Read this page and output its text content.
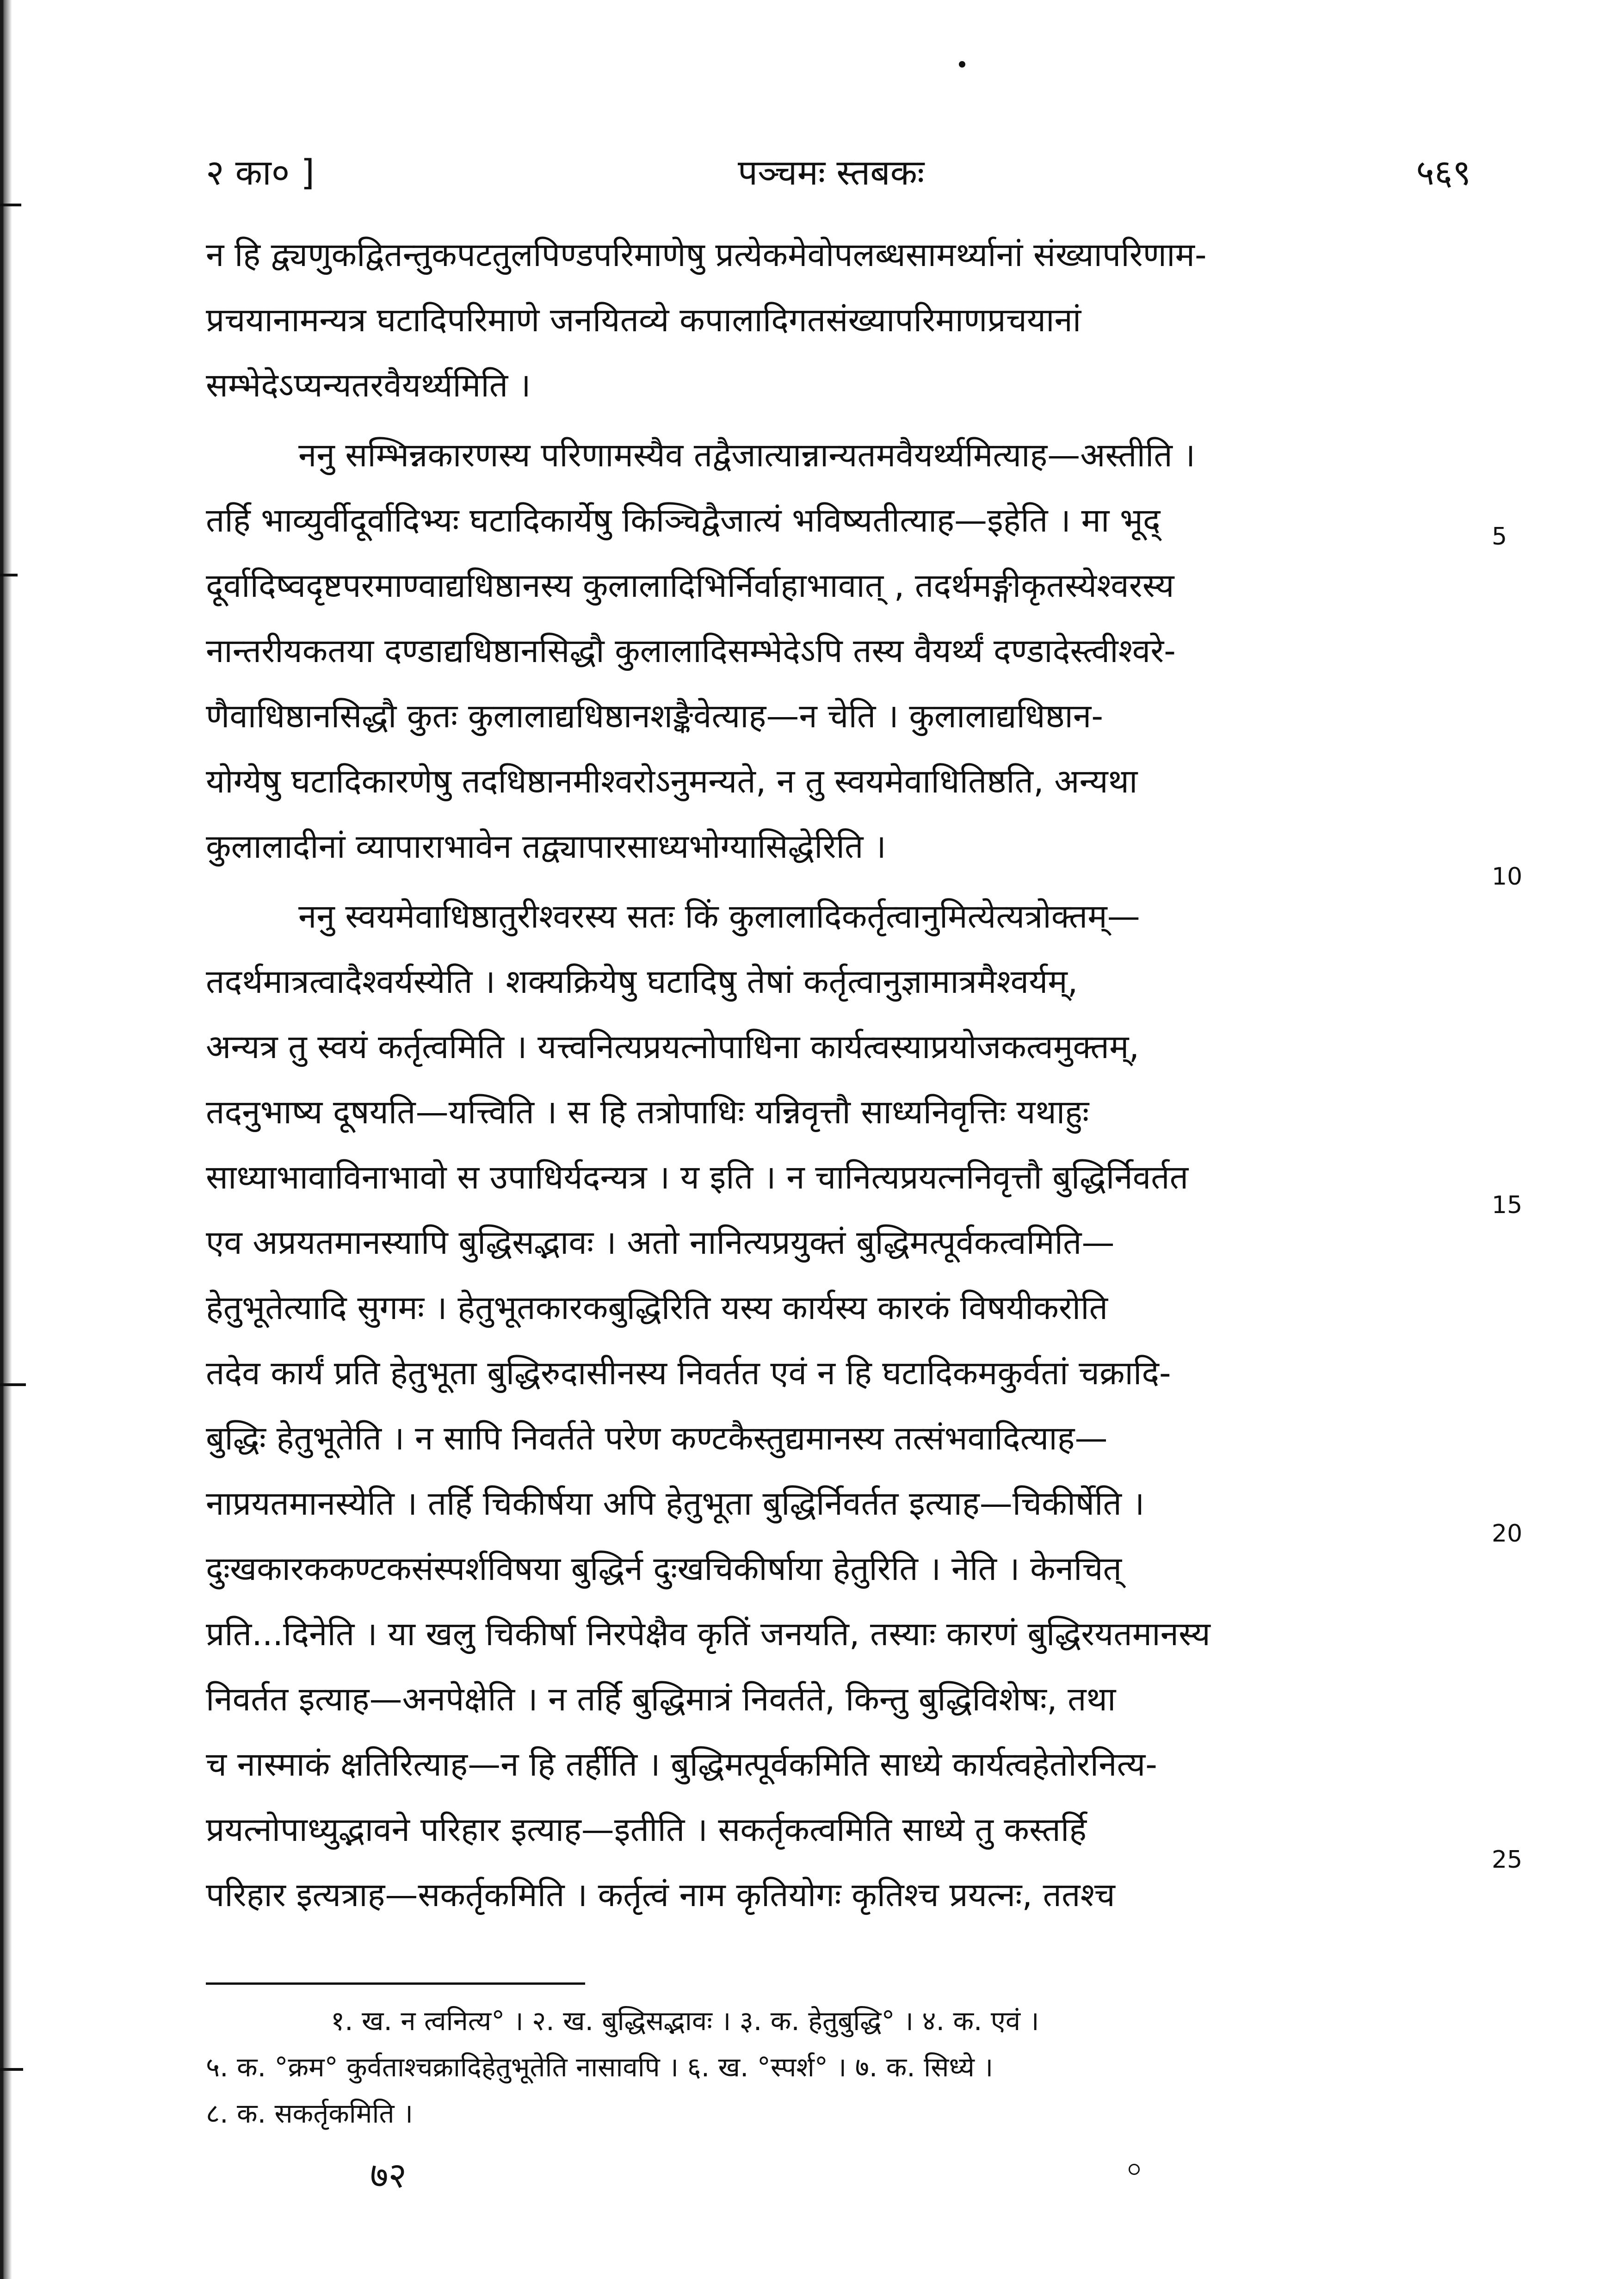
२ का० ]	पञ्चमः स्तबकः	५६९
न हि द्व्यणुकद्वितन्तुकपटतुलपिण्डपरिमाणेषु प्रत्येकमेवोपलब्धसामर्थ्यानां संख्यापरिणाम-
प्रचयानामन्यत्र घटादिपरिमाणे जनयितव्ये कपालादिगतसंख्यापरिमाणप्रचयानां
सम्भेदेऽप्यन्यतरवैयर्थ्यमिति ।
ननु सम्भिन्नकारणस्य परिणामस्यैव तद्वैजात्यान्नान्यतमवैयर्थ्यमित्याह—अस्तीति ।
तर्हि भाव्युर्वीदूर्वादिभ्यः घटादिकार्येषु किञ्चिद्वैजात्यं भविष्यतीत्याह—इहेति । मा भूद्
दूर्वादिष्वदृष्टपरमाण्वाद्यधिष्ठानस्य कुलालादिभिर्निर्वाहाभावात् , तदर्थमङ्गीकृतस्येश्वरस्य
नान्तरीयकतया दण्डाद्यधिष्ठानसिद्धौ कुलालादिसम्भेदेऽपि तस्य वैयर्थ्यं दण्डादेस्त्वीश्वरे-
णैवाधिष्ठानसिद्धौ कुतः कुलालाद्यधिष्ठानशङ्कैवेत्याह—न चेति । कुलालाद्यधिष्ठान-
योग्येषु घटादिकारणेषु तदधिष्ठानमीश्वरोऽनुमन्यते, न तु स्वयमेवाधितिष्ठति, अन्यथा
कुलालादीनां व्यापाराभावेन तद्व्यापारसाध्यभोग्यासिद्धेरिति ।
ननु स्वयमेवाधिष्ठातुरीश्वरस्य सतः किं कुलालादिकर्तृत्वानुमित्येत्यत्रोक्तम्—
तदर्थमात्रत्वादैश्वर्यस्येति । शक्यक्रियेषु घटादिषु तेषां कर्तृत्वानुज्ञामात्रमैश्वर्यम्,
अन्यत्र तु स्वयं कर्तृत्वमिति । यत्त्वनित्यप्रयत्नोपाधिना कार्यत्वस्याप्रयोजकत्वमुक्तम्,
तदनुभाष्य दूषयति—यत्त्विति । स हि तत्रोपाधिः यन्निवृत्तौ साध्यनिवृत्तिः यथाहुः
साध्याभावाविनाभावो स उपाधिर्यदन्यत्र । य इति । न चानित्यप्रयत्ननिवृत्तौ बुद्धिर्निवर्तत
एव अप्रयतमानस्यापि बुद्धिसद्भावः । अतो नानित्यप्रयुक्तं बुद्धिमत्पूर्वकत्वमिति—
हेतुभूतेत्यादि सुगमः । हेतुभूतकारकबुद्धिरिति यस्य कार्यस्य कारकं विषयीकरोति
तदेव कार्यं प्रति हेतुभूता बुद्धिरुदासीनस्य निवर्तत एवं न हि घटादिकमकुर्वतां चक्रादि-
बुद्धिः हेतुभूतेति । न सापि निवर्तते परेण कण्टकैस्तुद्यमानस्य तत्संभवादित्याह—
नाप्रयतमानस्येति । तर्हि चिकीर्षया अपि हेतुभूता बुद्धिर्निवर्तत इत्याह—चिकीर्षेति ।
दुःखकारककण्टकसंस्पर्शविषया बुद्धिर्न दुःखचिकीर्षाया हेतुरिति । नेति । केनचित्
प्रति...दिनेति । या खलु चिकीर्षा निरपेक्षैव कृतिं जनयति, तस्याः कारणं बुद्धिरयतमानस्य
निवर्तत इत्याह—अनपेक्षेति । न तर्हि बुद्धिमात्रं निवर्तते, किन्तु बुद्धिविशेषः, तथा
च नास्माकं क्षतिरित्याह—न हि तर्हीति । बुद्धिमत्पूर्वकमिति साध्ये कार्यत्वहेतोरनित्य-
प्रयत्नोपाध्युद्भावने परिहार इत्याह—इतीति । सकर्तृकत्वमिति साध्ये तु कस्तर्हि
परिहार इत्यत्राह—सकर्तृकमिति । कर्तृत्वं नाम कृतियोगः कृतिश्च प्रयत्नः, ततश्च
5
10
15
20
25
१. ख. न त्वनित्य° । २. ख. बुद्धिसद्भावः । ३. क. हेतुबुद्धि° । ४. क. एवं ।
५. क. °क्रम° कुर्वताश्चक्रादिहेतुभूतेति नासावपि । ६. ख. °स्पर्श° । ७. क. सिध्ये ।
८. क. सकर्तृकमिति ।
७२
